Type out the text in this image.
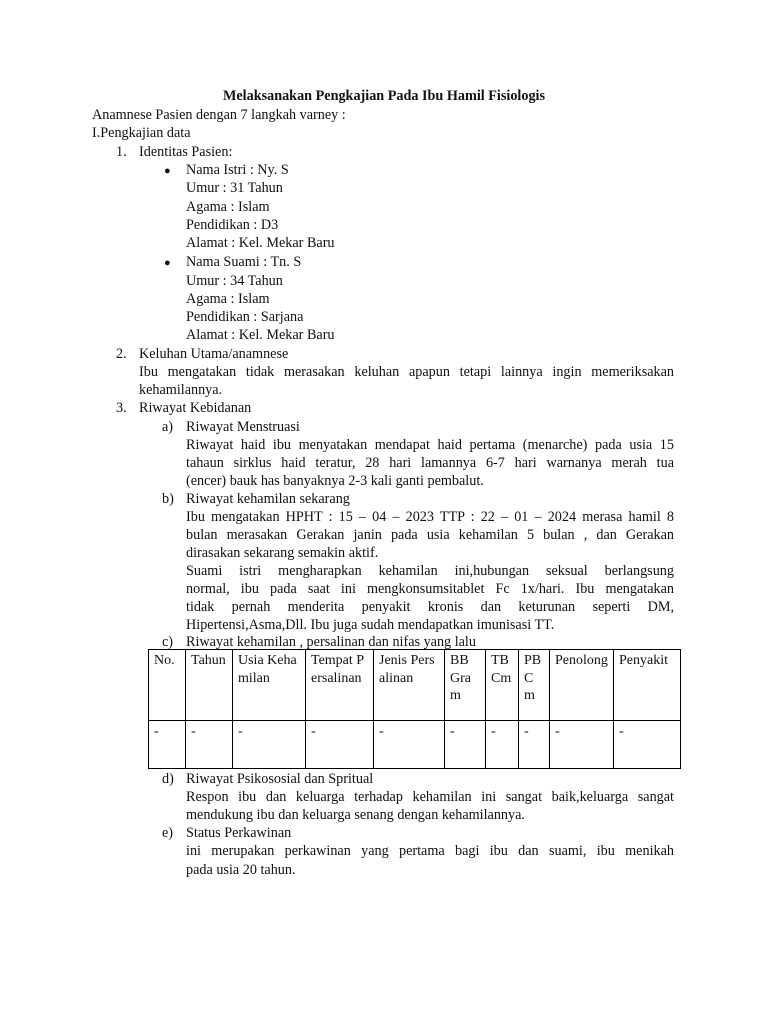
Melaksanakan Pengkajian Pada Ibu Hamil Fisiologis
Anamnese Pasien dengan 7 langkah varney :
I.Pengkajian data
1. Identitas Pasien:
● Nama Istri : Ny. S
Umur : 31 Tahun
Agama : Islam
Pendidikan : D3
Alamat : Kel. Mekar Baru
● Nama Suami : Tn. S
Umur : 34 Tahun
Agama : Islam
Pendidikan : Sarjana
Alamat : Kel. Mekar Baru
2. Keluhan Utama/anamnese
Ibu mengatakan tidak merasakan keluhan apapun tetapi lainnya ingin memeriksakan
kehamilannya.
3. Riwayat Kebidanan
a) Riwayat Menstruasi
Riwayat haid ibu menyatakan mendapat haid pertama (menarche) pada usia 15
tahaun sirklus haid teratur, 28 hari lamannya 6-7 hari warnanya merah tua
(encer) bauk has banyaknya 2-3 kali ganti pembalut.
b) Riwayat kehamilan sekarang
Ibu mengatakan HPHT : 15 – 04 – 2023 TTP : 22 – 01 – 2024 merasa hamil 8
bulan merasakan Gerakan janin pada usia kehamilan 5 bulan , dan Gerakan
dirasakan sekarang semakin aktif.
Suami istri mengharapkan kehamilan ini,hubungan seksual berlangsung
normal, ibu pada saat ini mengkonsumsitablet Fc 1x/hari. Ibu mengatakan
tidak pernah menderita penyakit kronis dan keturunan seperti DM,
Hipertensi,Asma,Dll. Ibu juga sudah mendapatkan imunisasi TT.
c) Riwayat kehamilan , persalinan dan nifas yang lalu
No.	Tahun	Usia Kehamilan	Tempat Persalinan	Jenis Persalinan	BB Gram	TBCm	PBCm	Penolong	Penyakit
-	-	-	-	-	-	-	-	-	-
d) Riwayat Psikososial dan Spritual
Respon ibu dan keluarga terhadap kehamilan ini sangat baik,keluarga sangat
mendukung ibu dan keluarga senang dengan kehamilannya.
e) Status Perkawinan
ini merupakan perkawinan yang pertama bagi ibu dan suami, ibu menikah
pada usia 20 tahun.
